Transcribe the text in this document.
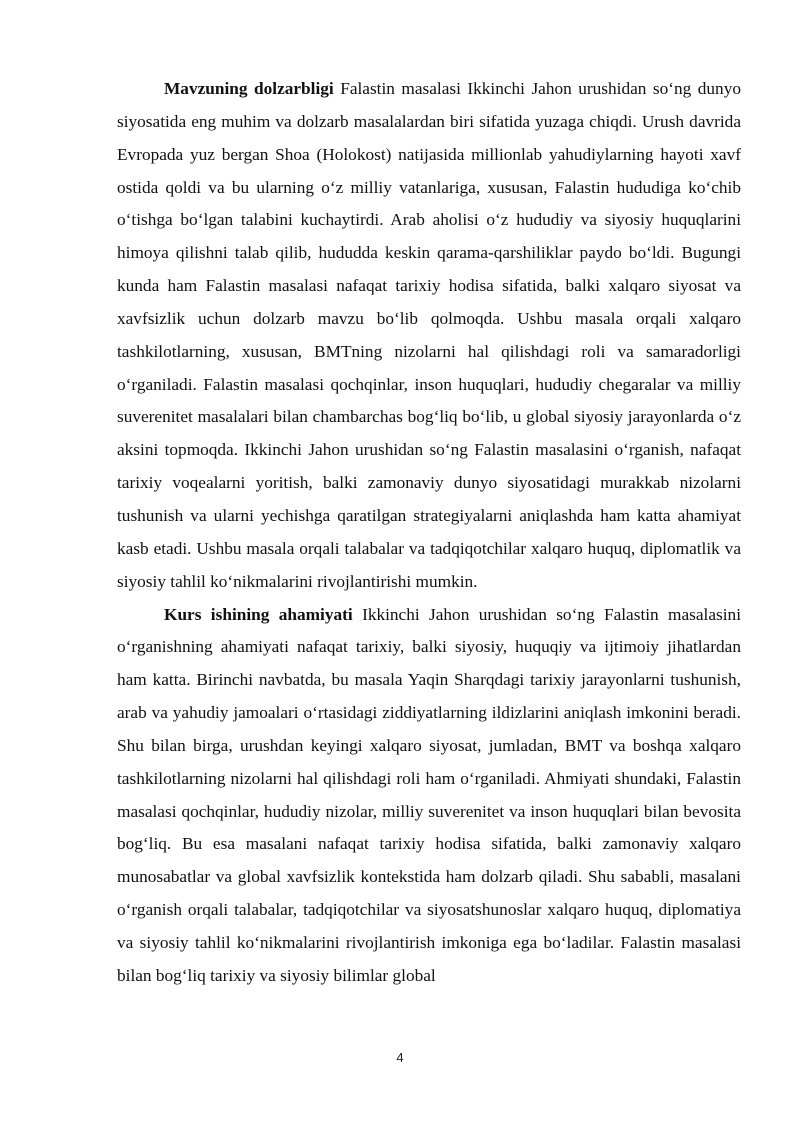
Mavzuning dolzarbligi Falastin masalasi Ikkinchi Jahon urushidan so‘ng dunyo siyosatida eng muhim va dolzarb masalalardan biri sifatida yuzaga chiqdi. Urush davrida Evropada yuz bergan Shoa (Holokost) natijasida millionlab yahudiylarning hayoti xavf ostida qoldi va bu ularning o‘z milliy vatanlariga, xususan, Falastin hududiga ko‘chib o‘tishga bo‘lgan talabini kuchaytirdi. Arab aholisi o‘z hududiy va siyosiy huquqlarini himoya qilishni talab qilib, hududda keskin qarama-qarshiliklar paydo bo‘ldi. Bugungi kunda ham Falastin masalasi nafaqat tarixiy hodisa sifatida, balki xalqaro siyosat va xavfsizlik uchun dolzarb mavzu bo‘lib qolmoqda. Ushbu masala orqali xalqaro tashkilotlarning, xususan, BMTning nizolarni hal qilishdagi roli va samaradorligi o‘rganiladi. Falastin masalasi qochqinlar, inson huquqlari, hududiy chegaralar va milliy suverenitet masalalari bilan chambarchas bog‘liq bo‘lib, u global siyosiy jarayonlarda o‘z aksini topmoqda. Ikkinchi Jahon urushidan so‘ng Falastin masalasini o‘rganish, nafaqat tarixiy voqealarni yoritish, balki zamonaviy dunyo siyosatidagi murakkab nizolarni tushunish va ularni yechishga qaratilgan strategiyalarni aniqlashda ham katta ahamiyat kasb etadi. Ushbu masala orqali talabalar va tadqiqotchilar xalqaro huquq, diplomatlik va siyosiy tahlil ko‘nikmalarini rivojlantirishi mumkin.

Kurs ishining ahamiyati Ikkinchi Jahon urushidan so‘ng Falastin masalasini o‘rganishning ahamiyati nafaqat tarixiy, balki siyosiy, huquqiy va ijtimoiy jihatlardan ham katta. Birinchi navbatda, bu masala Yaqin Sharqdagi tarixiy jarayonlarni tushunish, arab va yahudiy jamoalari o‘rtasidagi ziddiyatlarning ildizlarini aniqlash imkonini beradi. Shu bilan birga, urushdan keyingi xalqaro siyosat, jumladan, BMT va boshqa xalqaro tashkilotlarning nizolarni hal qilishdagi roli ham o‘rganiladi. Ahmiyati shundaki, Falastin masalasi qochqinlar, hududiy nizolar, milliy suverenitet va inson huquqlari bilan bevosita bog‘liq. Bu esa masalani nafaqat tarixiy hodisa sifatida, balki zamonaviy xalqaro munosabatlar va global xavfsizlik kontekstida ham dolzarb qiladi. Shu sababli, masalani o‘rganish orqali talabalar, tadqiqotchilar va siyosatshunoslar xalqaro huquq, diplomatiya va siyosiy tahlil ko‘nikmalarini rivojlantirish imkoniga ega bo‘ladilar. Falastin masalasi bilan bog‘liq tarixiy va siyosiy bilimlar global

4
